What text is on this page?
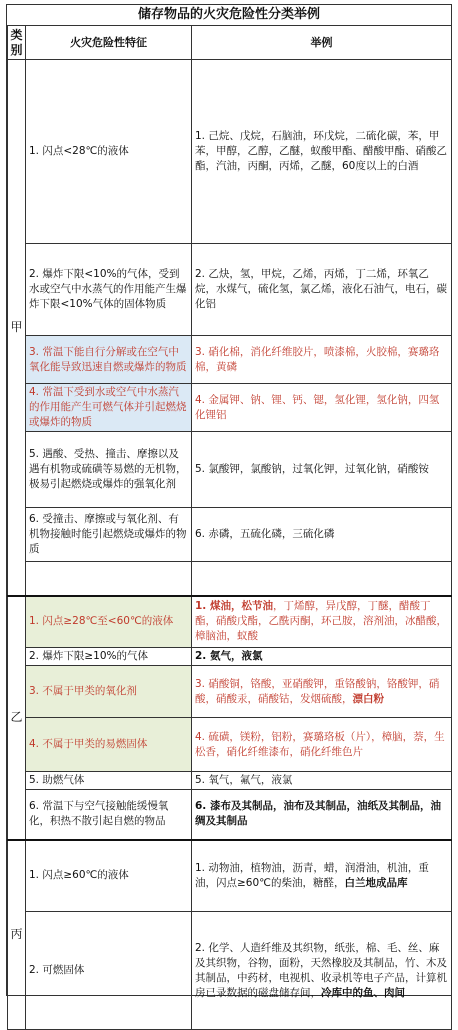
储存物品的火灾危险性分类举例
类别	火灾危险性特征	举例
甲	1. 闪点<28℃的液体	1. 己烷、戊烷，石脑油，环戊烷，二硫化碳，苯，甲苯，甲醇，乙醇，乙醚，蚁酸甲酯、醋酸甲酯、硝酸乙酯，汽油，丙酮，丙烯，乙醚，60度以上的白酒
	2. 爆炸下限<10%的气体，受到水或空气中水蒸气的作用能产生爆炸下限<10%气体的固体物质	2. 乙炔，氢，甲烷，乙烯，丙烯，丁二烯，环氧乙烷，水煤气，硫化氢，氯乙烯，液化石油气，电石，碳化铝
	3. 常温下能自行分解或在空气中氧化能导致迅速自燃或爆炸的物质	3. 硝化棉，消化纤维胶片，喷漆棉，火胶棉，赛璐珞棉，黄磷
	4. 常温下受到水或空气中水蒸汽的作用能产生可燃气体并引起燃烧或爆炸的物质	4. 金属钾、钠、锂、钙、锶，氢化锂，氢化钠，四氢化锂铝
	5. 遇酸、受热、撞击、摩擦以及遇有机物或硫磺等易燃的无机物，极易引起燃烧或爆炸的强氧化剂	5. 氯酸钾，氯酸钠，过氧化钾，过氧化钠，硝酸铵
	6. 受撞击、摩擦或与氧化剂、有机物接触时能引起燃烧或爆炸的物质	6. 赤磷，五硫化磷，三硫化磷

乙	1. 闪点≥28℃至<60℃的液体	1. 煤油，松节油，丁烯醇，异戊醇，丁醚，醋酸丁酯，硝酸戊酯，乙酰丙酮，环己胺，溶剂油，冰醋酸，樟脑油，蚁酸
	2. 爆炸下限≥10%的气体	2. 氨气，液氯
	3. 不属于甲类的氧化剂	3. 硝酸铜，铬酸，亚硝酸钾，重铬酸钠，铬酸钾，硝酸，硝酸汞，硝酸钴，发烟硫酸，漂白粉
	4. 不属于甲类的易燃固体	4. 硫磺，镁粉，铝粉，赛璐珞板（片），樟脑，萘，生松香，硝化纤维漆布，硝化纤维色片
	5. 助燃气体	5. 氧气，氟气，液氯
	6. 常温下与空气接触能缓慢氧化，积热不散引起自燃的物品	6. 漆布及其制品，油布及其制品，油纸及其制品，油绸及其制品
丙	1. 闪点≥60℃的液体	1. 动物油，植物油，沥青，蜡，润滑油，机油，重油，闪点≥60℃的柴油，糖醛，白兰地成品库
	2. 可燃固体	2. 化学、人造纤维及其织物，纸张，棉、毛、丝、麻及其织物，谷物，面粉，天然橡胶及其制品，竹、木及其制品，中药材，电视机、收录机等电子产品，计算机房已录数据的磁盘储存间，冷库中的鱼、肉间
